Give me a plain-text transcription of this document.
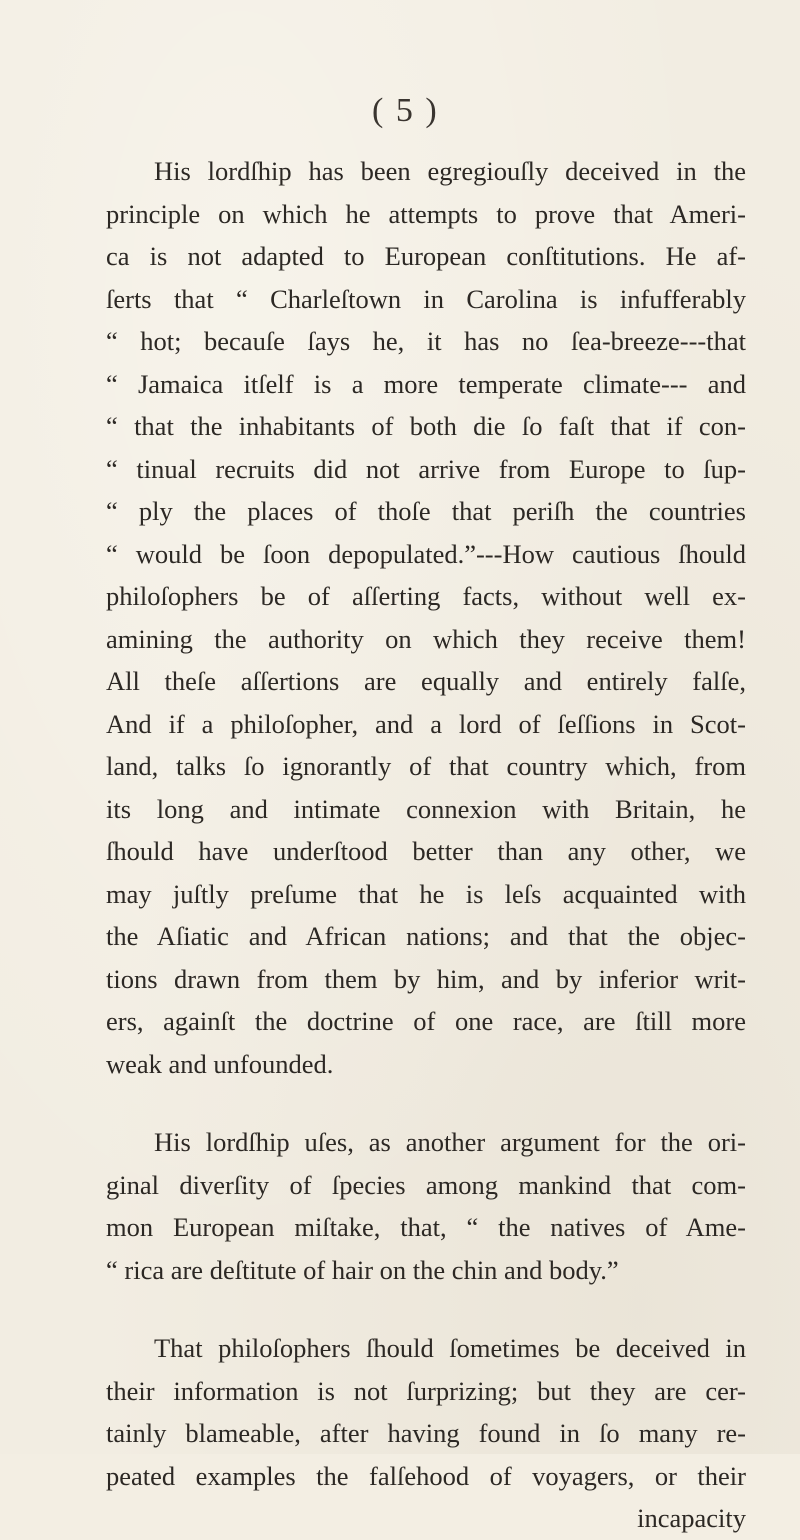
( 5 )
His lordſhip has been egregiouſly deceived in the
principle on which he attempts to prove that Ameri-
ca is not adapted to European conſtitutions. He af-
ſerts that “ Charleſtown in Carolina is infufferably
“ hot; becauſe ſays he, it has no ſea-breeze---that
“ Jamaica itſelf is a more temperate climate--- and
“ that the inhabitants of both die ſo faſt that if con-
“ tinual recruits did not arrive from Europe to ſup-
“ ply the places of thoſe that periſh the countries
“ would be ſoon depopulated.”---How cautious ſhould
philoſophers be of aſſerting facts, without well ex-
amining the authority on which they receive them!
All theſe aſſertions are equally and entirely falſe,
And if a philoſopher, and a lord of ſeſſions in Scot-
land, talks ſo ignorantly of that country which, from
its long and intimate connexion with Britain, he
ſhould have underſtood better than any other, we
may juſtly preſume that he is leſs acquainted with
the Aſiatic and African nations; and that the objec-
tions drawn from them by him, and by inferior writ-
ers, againſt the doctrine of one race, are ſtill more
weak and unfounded.
His lordſhip uſes, as another argument for the ori-
ginal diverſity of ſpecies among mankind that com-
mon European miſtake, that, “ the natives of Ame-
“ rica are deſtitute of hair on the chin and body.”
That philoſophers ſhould ſometimes be deceived in
their information is not ſurprizing; but they are cer-
tainly blameable, after having found in ſo many re-
peated examples the falſehood of voyagers, or their
incapacity
